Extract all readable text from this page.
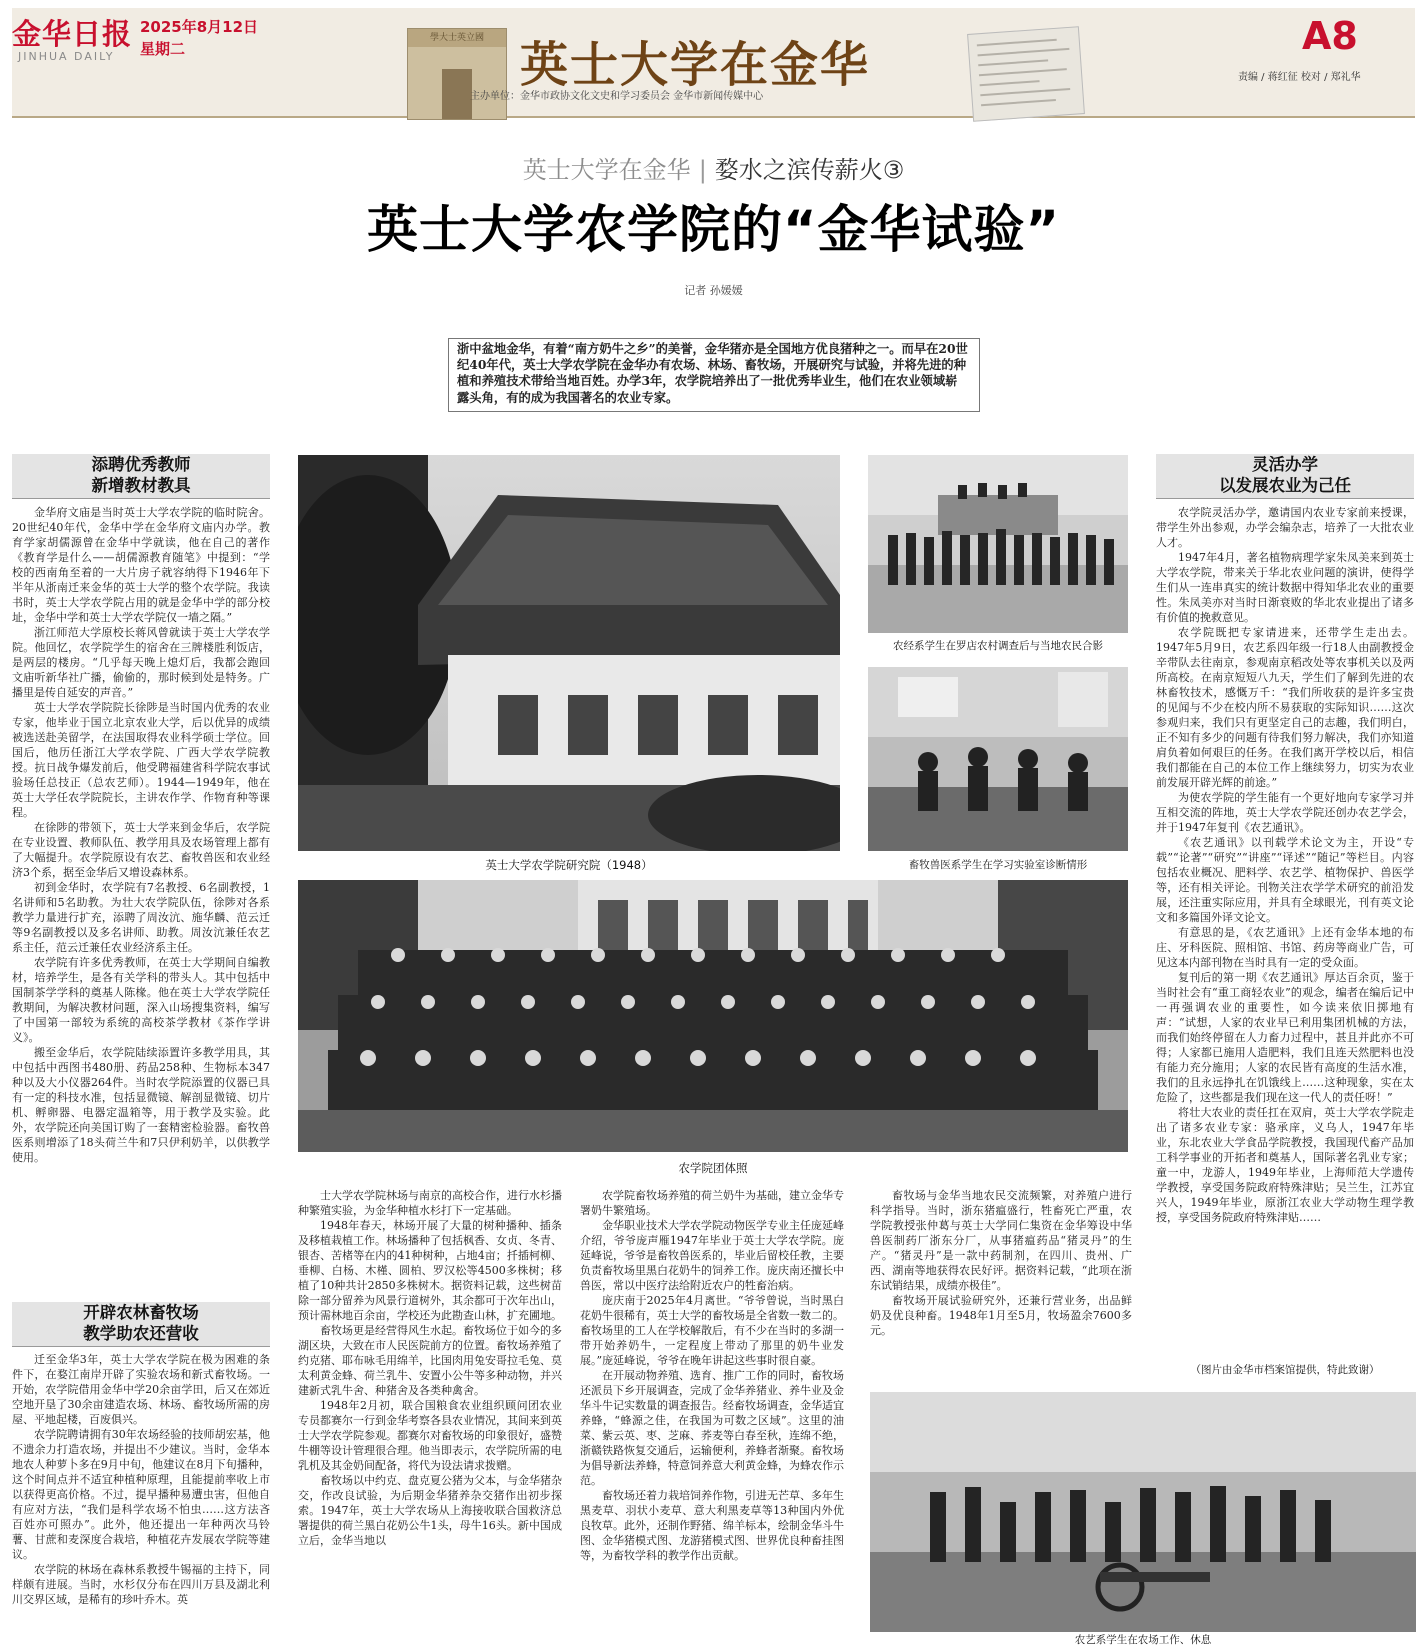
學大士英立國
金华日报
JINHUA DAILY
2025年8月12日
星期二	英士大学在金华
主办单位：金华市政协文化文史和学习委员会 金华市新闻传媒中心
A8
责编 / 蒋红征 校对 / 郑礼华
英士大学在金华 | 婺水之滨传薪火③
英士大学农学院的“金华试验”
记者 孙媛媛
浙中盆地金华，有着“南方奶牛之乡”的美誉，金华猪亦是全国地方优良猪种之一。而早在20世纪40年代，英士大学农学院在金华办有农场、林场、畜牧场，开展研究与试验，并将先进的种植和养殖技术带给当地百姓。办学3年，农学院培养出了一批优秀毕业生，他们在农业领域崭露头角，有的成为我国著名的农业专家。
添聘优秀教师
新增教材教具

金华府文庙是当时英士大学农学院的临时院舍。20世纪40年代，金华中学在金华府文庙内办学。教育学家胡儒源曾在金华中学就读，他在自己的著作《教育学是什么——胡儒源教育随笔》中提到：“学校的西南角至着的一大片房子就容纳得下1946年下半年从浙南迁来金华的英士大学的整个农学院。我读书时，英士大学农学院占用的就是金华中学的部分校址，金华中学和英士大学农学院仅一墙之隔。”

浙江师范大学原校长蒋风曾就读于英士大学农学院。他回忆，农学院学生的宿舍在三牌楼胜利饭店，是两层的楼房。“几乎每天晚上熄灯后，我都会跑回文庙听新华社广播，偷偷的，那时候到处是特务。广播里是传自延安的声音。”

英士大学农学院院长徐陟是当时国内优秀的农业专家，他毕业于国立北京农业大学，后以优异的成绩被选送赴美留学，在法国取得农业科学硕士学位。回国后，他历任浙江大学农学院、广西大学农学院教授。抗日战争爆发前后，他受聘福建省科学院农事试验场任总技正（总农艺师）。1944—1949年，他在英士大学任农学院院长，主讲农作学、作物育种等课程。

在徐陟的带领下，英士大学来到金华后，农学院在专业设置、教师队伍、教学用具及农场管理上都有了大幅提升。农学院原设有农艺、畜牧兽医和农业经济3个系，据至金华后又增设森林系。

初到金华时，农学院有7名教授、6名副教授，1名讲师和5名助教。为壮大农学院队伍，徐陟对各系教学力量进行扩充，添聘了周汝沆、施华麟、范云迁等9名副教授以及多名讲师、助教。周汝沆兼任农艺系主任，范云迁兼任农业经济系主任。

农学院有许多优秀教师，在英士大学期间自编教材，培养学生，是各有关学科的带头人。其中包括中国制茶学学科的奠基人陈椽。他在英士大学农学院任教期间，为解决教材问题，深入山场搜集资料，编写了中国第一部较为系统的高校茶学教材《茶作学讲义》。

搬至金华后，农学院陆续添置许多教学用具，其中包括中西图书480册、药品258种、生物标本347种以及大小仪器264件。当时农学院添置的仪器已具有一定的科技水准，包括显微镜、解剖显微镜、切片机、孵卵器、电器定温箱等，用于教学及实验。此外，农学院还向美国订购了一套精密检验器。畜牧兽医系则增添了18头荷兰牛和7只伊利奶羊，以供教学使用。

开辟农林畜牧场
教学助农还营收

迁至金华3年，英士大学农学院在极为困难的条件下，在婺江南岸开辟了实验农场和新式畜牧场。一开始，农学院借用金华中学20余亩学田，后又在郊近空地开垦了30余亩建造农场、林场、畜牧场所需的房屋、平地起楼，百废俱兴。

农学院聘请拥有30年农场经验的技师胡宏基，他不遗余力打造农场，并提出不少建议。当时，金华本地农人种萝卜多在9月中旬，他建议在8月下旬播种，这个时间点并不适宜种植种原理，且能提前率收上市以获得更高价格。不过，提早播种易遭虫害，但他自有应对方法，“我们是科学农场不怕虫……这方法吝百姓亦可照办”。此外，他还提出一年种两次马铃薯、甘蔗和麦深度合栽培，种植花卉发展农学院等建议。

农学院的林场在森林系教授牛锡福的主持下，同样颇有进展。当时，水杉仅分布在四川万县及湖北利川交界区域，是稀有的珍叶乔木。英

英士大学农学院研究院（1948）
农经系学生在罗店农村调查后与当地农民合影
畜牧兽医系学生在学习实验室诊断情形
农学院团体照
农艺系学生在农场工作、休息

士大学农学院林场与南京的高校合作，进行水杉播种繁殖实验，为金华种植水杉打下一定基础。

1948年春天，林场开展了大量的树种播种、插条及移植栽植工作。林场播种了包括枫香、女贞、冬青、银杏、苦楮等在内的41种树种，占地4亩；扦插柯柳、垂柳、白杨、木槿、圆柏、罗汉松等4500多株树；移植了10种共计2850多株树木。据资料记载，这些树苗除一部分留养为风景行道树外，其余都可于次年出山，预计需林地百余亩，学校还为此勘查山林，扩充圃地。

畜牧场更是经营得风生水起。畜牧场位于如今的多湖区块，大致在市人民医院前方的位置。畜牧场养殖了约克猪、耶布咏毛用绵羊，比国肉用兔安哥拉毛兔、莫太利黄金蜂、荷兰乳牛、安置小公牛等多种动物，并兴建新式乳牛舍、种猪舍及各类种禽舍。

1948年2月初，联合国粮食农业组织顾问团农业专员都赛尔一行到金华考察各县农业情况，其间来到英士大学农学院参观。都赛尔对畜牧场的印象很好，盛赞牛棚等设计管理很合理。他当即表示，农学院所需的电乳机及其金奶间配备，将代为设法请求拨赠。

畜牧场以中约克、盘克夏公猪为父本，与金华猪杂交，作改良试验，为后期金华猪养杂交猪作出初步探索。1947年，英士大学农场从上海接收联合国救济总署提供的荷兰黑白花奶公牛1头，母牛16头。新中国成立后，金华当地以

农学院畜牧场养殖的荷兰奶牛为基础，建立金华专署奶牛繁殖场。

金华职业技术大学农学院动物医学专业主任庞延峰介绍，爷爷庞声雁1947年毕业于英士大学农学院。庞延峰说，爷爷是畜牧兽医系的，毕业后留校任教，主要负责畜牧场里黑白花奶牛的饲养工作。庞庆南还擅长中兽医，常以中医疗法给附近农户的牲畜治病。

庞庆南于2025年4月离世。“爷爷曾说，当时黑白花奶牛很稀有，英士大学的畜牧场是全省数一数二的。畜牧场里的工人在学校解散后，有不少在当时的多湖一带开始养奶牛，一定程度上带动了那里的奶牛业发展。”庞延峰说，爷爷在晚年讲起这些事时很自豪。

在开展动物养殖、选育、推广工作的同时，畜牧场还派员下乡开展调查，完成了金华养猪业、养牛业及金华斗牛记实数量的调查报告。经畜牧场调查，金华适宜养蜂，“蜂源之佳，在我国为可数之区域”。这里的油菜、紫云英、枣、芝麻、荞麦等白春至秋，连绵不绝，浙赣铁路恢复交通后，运输便利，养蜂者渐聚。畜牧场为倡导新法养蜂，特意饲养意大利黄金蜂，为蜂农作示范。

畜牧场还着力栽培饲养作物，引进无芒草、多年生黑麦草、羽状小麦草、意大利黑麦草等13种国内外优良牧草。此外，还制作野猪、绵羊标本，绘制金华斗牛图、金华猪模式图、龙游猪模式图、世界优良种畜挂图等，为畜牧学科的教学作出贡献。

畜牧场与金华当地农民交流频繁，对养殖户进行科学指导。当时，浙东猪瘟盛行，牲畜死亡严重，农学院教授张仲葛与英士大学同仁集资在金华筹设中华兽医制药厂浙东分厂，从事猪瘟药品“猪灵丹”的生产。“猪灵丹”是一款中药制剂，在四川、贵州、广西、湖南等地获得农民好评。据资料记载，“此项在浙东试销结果，成绩亦极佳”。

畜牧场开展试验研究外，还兼行营业务，出品鲜奶及优良种畜。1948年1月至5月，牧场盈余7600多元。

灵活办学
以发展农业为己任

农学院灵活办学，邀请国内农业专家前来授课，带学生外出参观，办学会编杂志，培养了一大批农业人才。

1947年4月，著名植物病理学家朱凤美来到英士大学农学院，带来关于华北农业问题的演讲，使得学生们从一连串真实的统计数据中得知华北农业的重要性。朱凤美亦对当时日渐衰败的华北农业提出了诸多有价值的挽救意见。

农学院既把专家请进来，还带学生走出去。1947年5月9日，农艺系四年级一行18人由副教授金辛带队去往南京，参观南京稻改处等农事机关以及两所高校。在南京短短八九天，学生们了解到先进的农林畜牧技术，感慨万千：“我们所收获的是许多宝贵的见闻与不少在校内所不易获取的实际知识……这次参观归来，我们只有更坚定自己的志趣，我们明白，正不知有多少的问题有待我们努力解决，我们亦知道肩负着如何艰巨的任务。在我们离开学校以后，相信我们都能在自己的本位工作上继续努力，切实为农业前发展开辟光辉的前途。”

为使农学院的学生能有一个更好地向专家学习并互相交流的阵地，英士大学农学院还创办农艺学会，并于1947年复刊《农艺通讯》。

《农艺通讯》以刊载学术论文为主，开设“专载”“论著”“研究”“讲座”“译述”“随记”等栏目。内容包括农业概况、肥料学、农艺学、植物保护、兽医学等，还有相关评论。刊物关注农学学术研究的前沿发展，还注重实际应用，并具有全球眼光，刊有英文论文和多篇国外译文论文。

有意思的是，《农艺通讯》上还有金华本地的布庄、牙科医院、照相馆、书馆、药房等商业广告，可见这本内部刊物在当时具有一定的受众面。

复刊后的第一期《农艺通讯》厚达百余页，鉴于当时社会有“重工商轻农业”的观念，编者在编后记中一再强调农业的重要性，如今读来依旧掷地有声：“试想，人家的农业早已利用集团机械的方法，而我们始终停留在人力畜力过程中，甚且并此亦不可得；人家都已施用人造肥料，我们且连天然肥料也没有能力充分施用；人家的农民皆有高度的生活水准，我们的且永远挣扎在饥饿线上……这种现象，实在太危险了，这些都是我们现在这一代人的责任呀！”

将壮大农业的责任扛在双肩，英士大学农学院走出了诸多农业专家：骆承庠，义乌人，1947年毕业，东北农业大学食品学院教授，我国现代畜产品加工科学事业的开拓者和奠基人，国际著名乳业专家；童一中，龙游人，1949年毕业，上海师范大学遗传学教授，享受国务院政府特殊津贴；吴兰生，江苏宜兴人，1949年毕业，原浙江农业大学动物生理学教授，享受国务院政府特殊津贴……

（图片由金华市档案馆提供，特此致谢）
